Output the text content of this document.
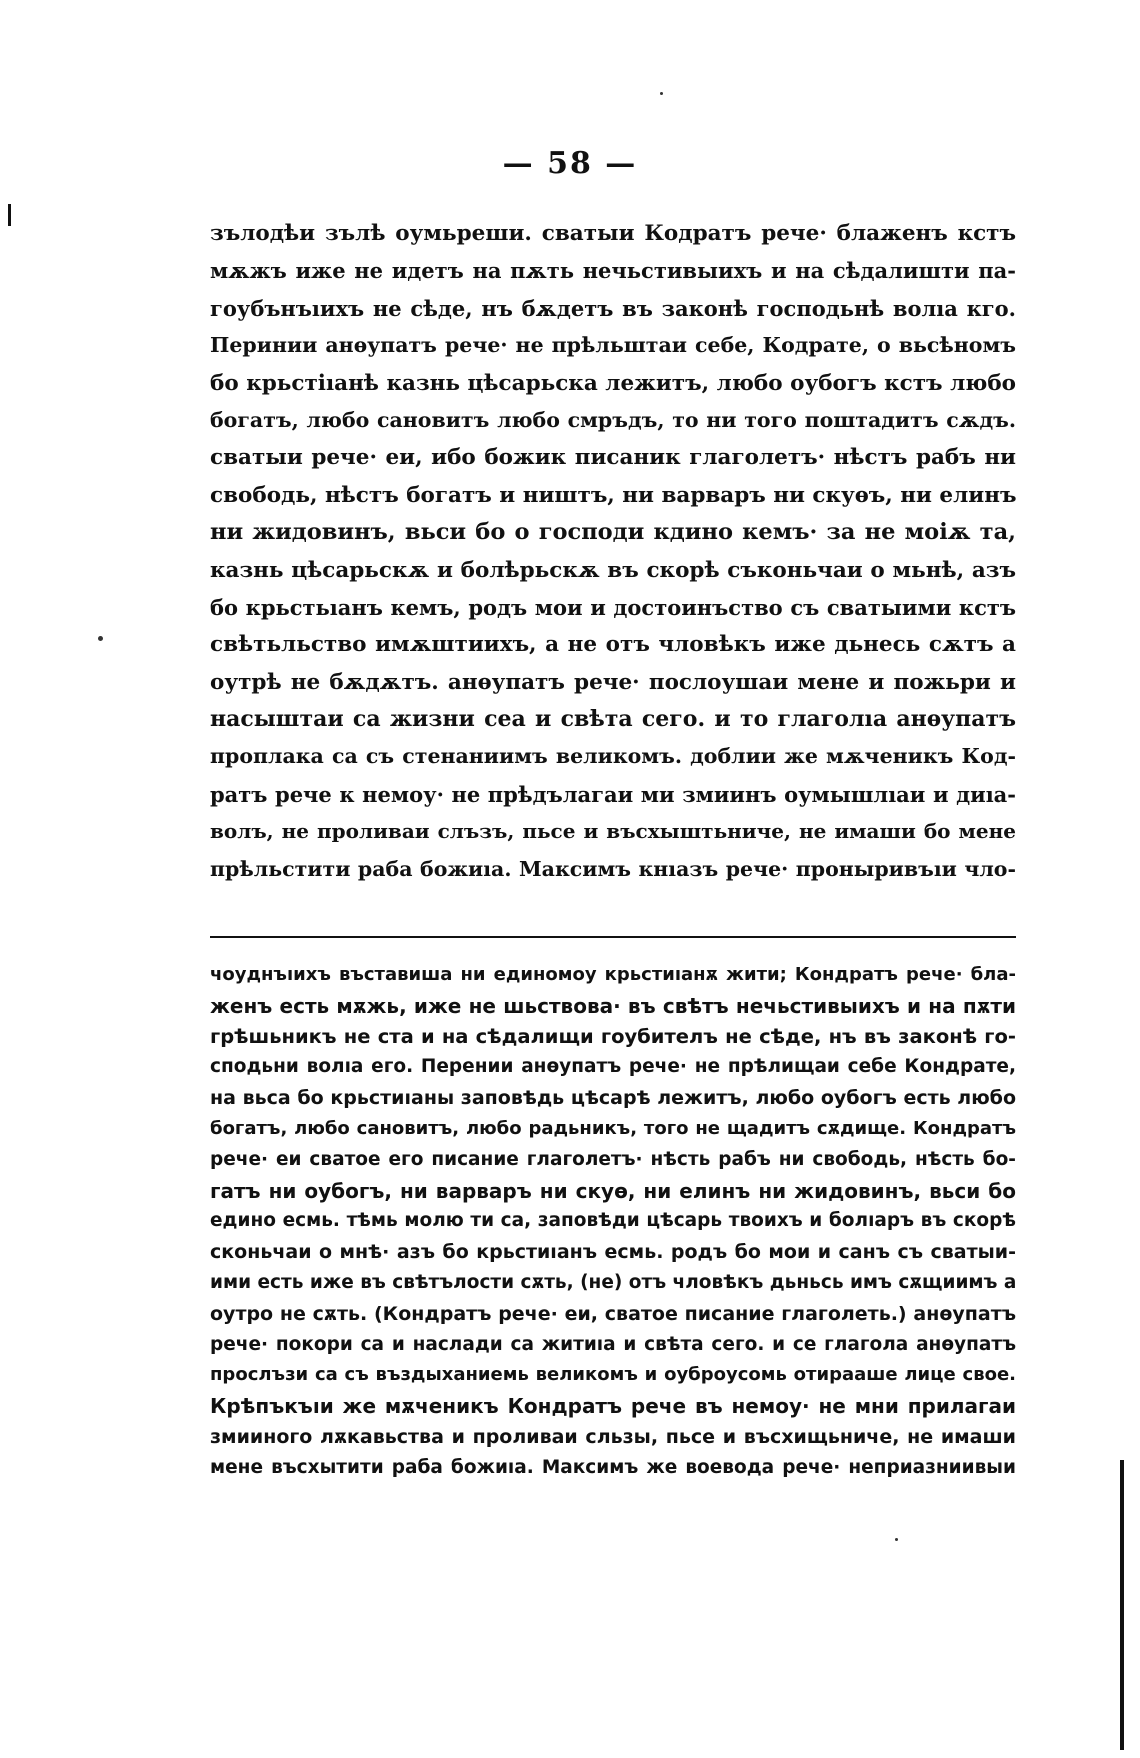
— 58 —
зълодѣи зълѣ оумьреши. сватыи Кодратъ рече· блаженъ кстъ
мѫжъ иже не идетъ на пѫть нечьстивыихъ и на сѣдалишти па-
гоубънъıихъ не сѣде, нъ бѫдетъ въ законѣ господьнѣ волıа кго.
Перинии анѳупатъ рече· не прѣльштаи себе, Кодрате, о вьсѣномъ
бо крьстiıанѣ казнь цѣсарьска лежитъ, любо оубогъ кстъ любо
богатъ, любо сановитъ любо смръдъ, то ни того поштадитъ сѫдъ.
сватыи рече· еи, ибо божик писаник глаголетъ· нѣстъ рабъ ни
свободь, нѣстъ богатъ и ништъ, ни варваръ ни скуѳъ, ни елинъ
ни жидовинъ, вьси бо о господи кдино кемъ· за не моiѫ та,
казнь цѣсарьскѫ и болѣрьскѫ въ скорѣ съконьчаи о мьнѣ, азъ
бо крьстьıанъ кемъ, родъ мои и достоинъство съ сватыими кстъ
свѣтьльство имѫштиихъ, а не отъ чловѣкъ иже дьнесь сѫтъ а
оутрѣ не бѫдѫтъ. анѳупатъ рече· послоушаи мене и пожьри и
насыштаи са жизни сеа и свѣта сего. и то глаголıа анѳупатъ
проплака са съ стенаниимъ великомъ. доблии же мѫченикъ Код-
ратъ рече к немоу· не прѣдълагаи ми змиинъ оумышлıаи и диıа-
волъ, не проливаи слъзъ, пьсе и въсхыштьниче, не имаши бо мене
прѣльстити раба божиıа. Максимъ кнıазъ рече· проныривъıи чло-
чоуднъıихъ въставиша ни единомоу крьстиıанѫ жити; Кондратъ рече· бла-
женъ есть мѫжь, иже не шьствова· въ свѣтъ нечьстивыихъ и на пѫти
грѣшьникъ не ста и на сѣдалищи гоубителъ не сѣде, нъ въ законѣ го-
сподьни волıа его. Перении анѳупатъ рече· не прѣлищаи себе Кондрате,
на вьса бо крьстиıаны заповѣдь цѣсарѣ лежитъ, любо оубогъ есть любо
богатъ, любо сановитъ, любо радьникъ, того не щадитъ сѫдище. Кондратъ
рече· еи сватое его писание глаголетъ· нѣсть рабъ ни свободь, нѣсть бо-
гатъ ни оубогъ, ни варваръ ни скуѳ, ни елинъ ни жидовинъ, вьси бо
едино есмь. тѣмь молю ти са, заповѣди цѣсарь твоихъ и болıаръ въ скорѣ
сконьчаи о мнѣ· азъ бо крьстиıанъ есмь. родъ бо мои и санъ съ сватыи-
ими есть иже въ свѣтълости сѫть, (не) отъ чловѣкъ дьньсь имъ сѫщиимъ а
оутро не сѫть. (Кондратъ рече· еи, сватое писание глаголеть.) анѳупатъ
рече· покори са и наслади са житиıа и свѣта сего. и се глагола анѳупатъ
прослъзи са съ въздыханиемь великомъ и оуброусомь отирааше лице свое.
Крѣпъкъıи же мѫченикъ Кондратъ рече въ немоу· не мни прилагаи
змииного лѫкавьства и проливаи сльзы, пьсе и въсхищьниче, не имаши
мене въсхытити раба божиıа. Максимъ же воевода рече· неприазниивыи
